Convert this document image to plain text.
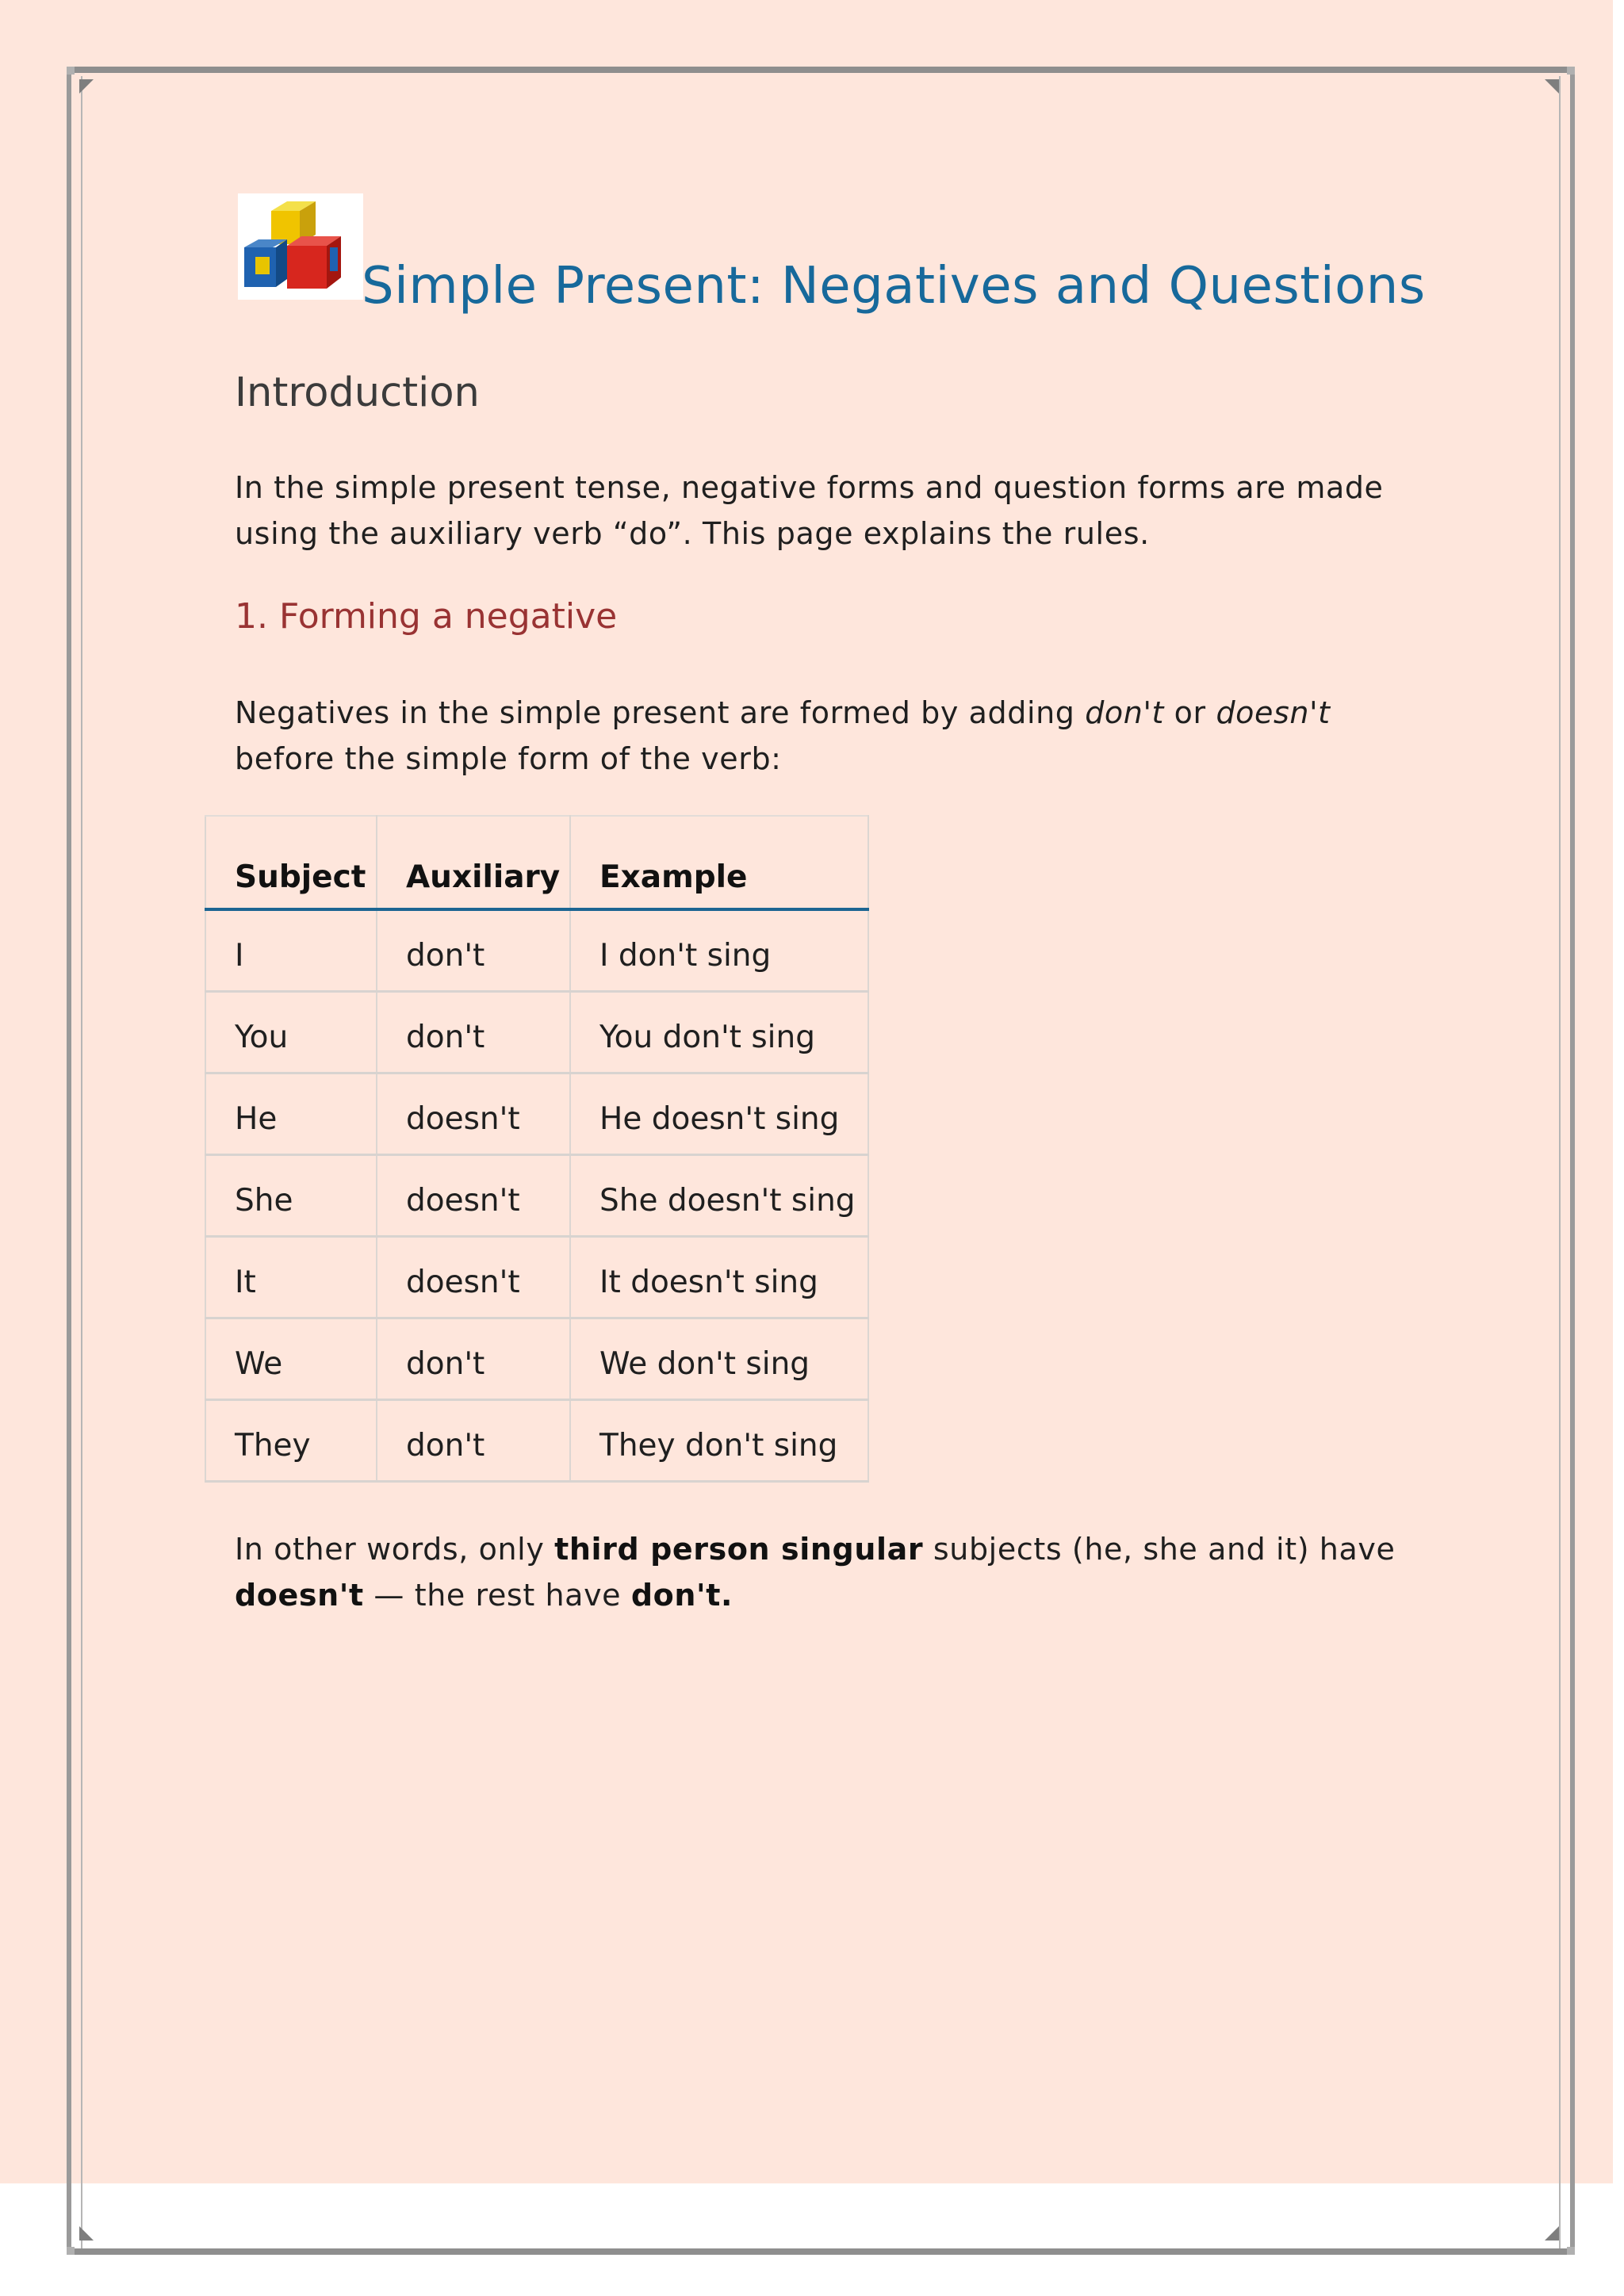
Simple Present: Negatives and Questions
Introduction

In the simple present tense, negative forms and question forms are made using the auxiliary verb “do”. This page explains the rules.

1. Forming a negative

Negatives in the simple present are formed by adding don't or doesn't before the simple form of the verb:

Subject	Auxiliary	Example
I	don't	I don't sing
You	don't	You don't sing
He	doesn't	He doesn't sing
She	doesn't	She doesn't sing
It	doesn't	It doesn't sing
We	don't	We don't sing
They	don't	They don't sing

In other words, only third person singular subjects (he, she and it) have doesn't — the rest have don't.
